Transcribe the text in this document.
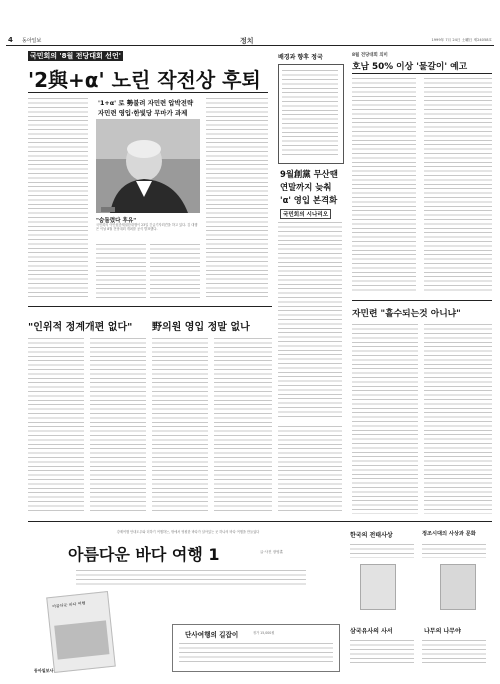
4 동아일보	정치	1999年 7月 24日 土曜日 제24058호
국민회의 '8월 전당대회 선언'
'2與+α' 노린 작전상 후퇴
'1+α' 로 勢불려 자민련 압박전략
자민련 영입·한빛당 무마가 과제
"숨돌렸다 후유"
국민회의 이만섭총재권한대행이 23일 긴급기자회견을 하고 있다. 김 대행은 이날 8월 전당대회 개최를 공식 발표했다.
배경과 향후 정국
9월創黨 무산땐
연말까지 늦춰
'α' 영입 본격화
국민회의 시나리오
8월 전당대회 의미
호남 50% 이상 '물갈이' 예고
"인위적 정계개편 없다" 野의원 영입 정말 없나
자민련 "흘수되는것 아니냐"
강제여행 안내도우와 더하기 여행하는, 밖에서 영원한 바다가 살아있는 곳 하나의 바다 여행을 만들었다
아름다운 바다 여행 1	글·사진 장영훈
아름다운 바다 여행
동아일보사
단사여행의 길잡이	정가 15,000원
한국의 전태사상	정조시대의 사상과 문화
삼국유사의 사서	나무의 나무야
